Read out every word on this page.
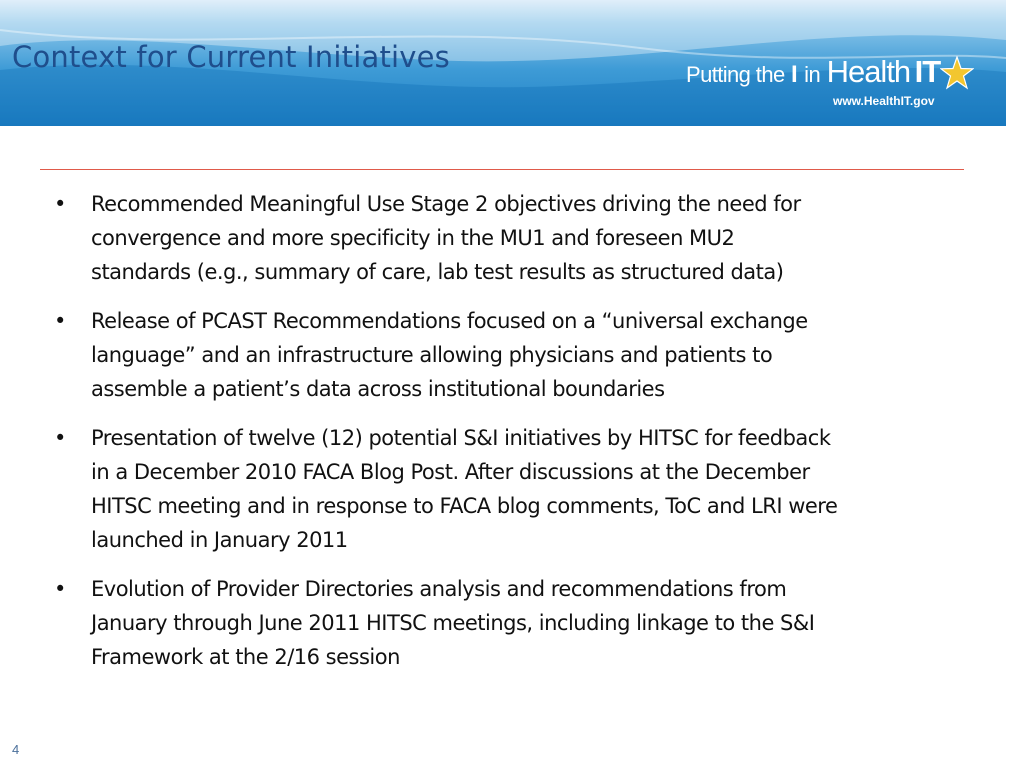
Context for Current Initiatives
Putting the I in Health IT
www.HealthIT.gov
• Recommended Meaningful Use Stage 2 objectives driving the need for
convergence and more specificity in the MU1 and foreseen MU2
standards (e.g., summary of care, lab test results as structured data)
• Release of PCAST Recommendations focused on a “universal exchange
language” and an infrastructure allowing physicians and patients to
assemble a patient’s data across institutional boundaries
• Presentation of twelve (12) potential S&I initiatives by HITSC for feedback
in a December 2010 FACA Blog Post. After discussions at the December
HITSC meeting and in response to FACA blog comments, ToC and LRI were
launched in January 2011
• Evolution of Provider Directories analysis and recommendations from
January through June 2011 HITSC meetings, including linkage to the S&I
Framework at the 2/16 session
4
